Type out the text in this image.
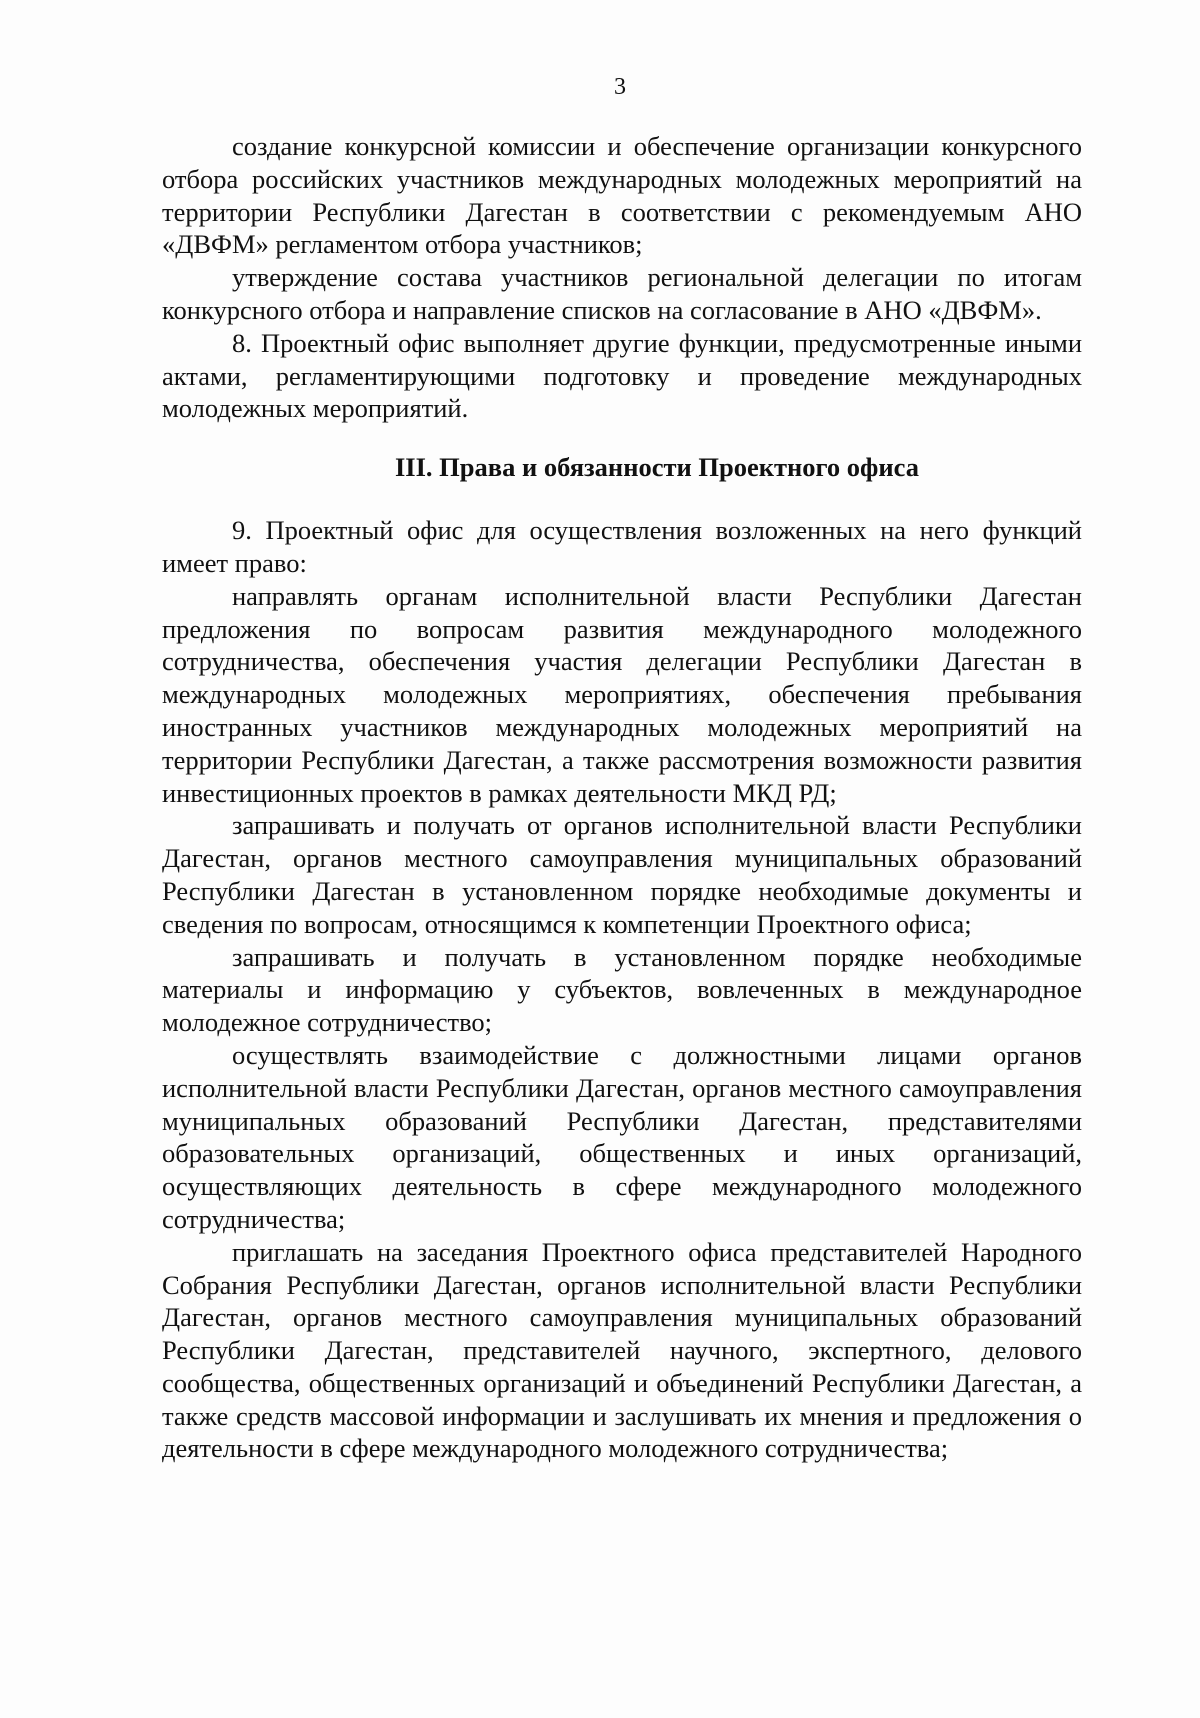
3

создание конкурсной комиссии и обеспечение организации конкурсного отбора российских участников международных молодежных мероприятий на территории Республики Дагестан в соответствии с рекомендуемым АНО «ДВФМ» регламентом отбора участников;

утверждение состава участников региональной делегации по итогам конкурсного отбора и направление списков на согласование в АНО «ДВФМ».

8. Проектный офис выполняет другие функции, предусмотренные иными актами, регламентирующими подготовку и проведение международных молодежных мероприятий.

III. Права и обязанности Проектного офиса

9. Проектный офис для осуществления возложенных на него функций имеет право:

направлять органам исполнительной власти Республики Дагестан предложения по вопросам развития международного молодежного сотрудничества, обеспечения участия делегации Республики Дагестан в международных молодежных мероприятиях, обеспечения пребывания иностранных участников международных молодежных мероприятий на территории Республики Дагестан, а также рассмотрения возможности развития инвестиционных проектов в рамках деятельности МКД РД;

запрашивать и получать от органов исполнительной власти Республики Дагестан, органов местного самоуправления муниципальных образований Республики Дагестан в установленном порядке необходимые документы и сведения по вопросам, относящимся к компетенции Проектного офиса;

запрашивать и получать в установленном порядке необходимые материалы и информацию у субъектов, вовлеченных в международное молодежное сотрудничество;

осуществлять взаимодействие с должностными лицами органов исполнительной власти Республики Дагестан, органов местного самоуправления муниципальных образований Республики Дагестан, представителями образовательных организаций, общественных и иных организаций, осуществляющих деятельность в сфере международного молодежного сотрудничества;

приглашать на заседания Проектного офиса представителей Народного Собрания Республики Дагестан, органов исполнительной власти Республики Дагестан, органов местного самоуправления муниципальных образований Республики Дагестан, представителей научного, экспертного, делового сообщества, общественных организаций и объединений Республики Дагестан, а также средств массовой информации и заслушивать их мнения и предложения о деятельности в сфере международного молодежного сотрудничества;
